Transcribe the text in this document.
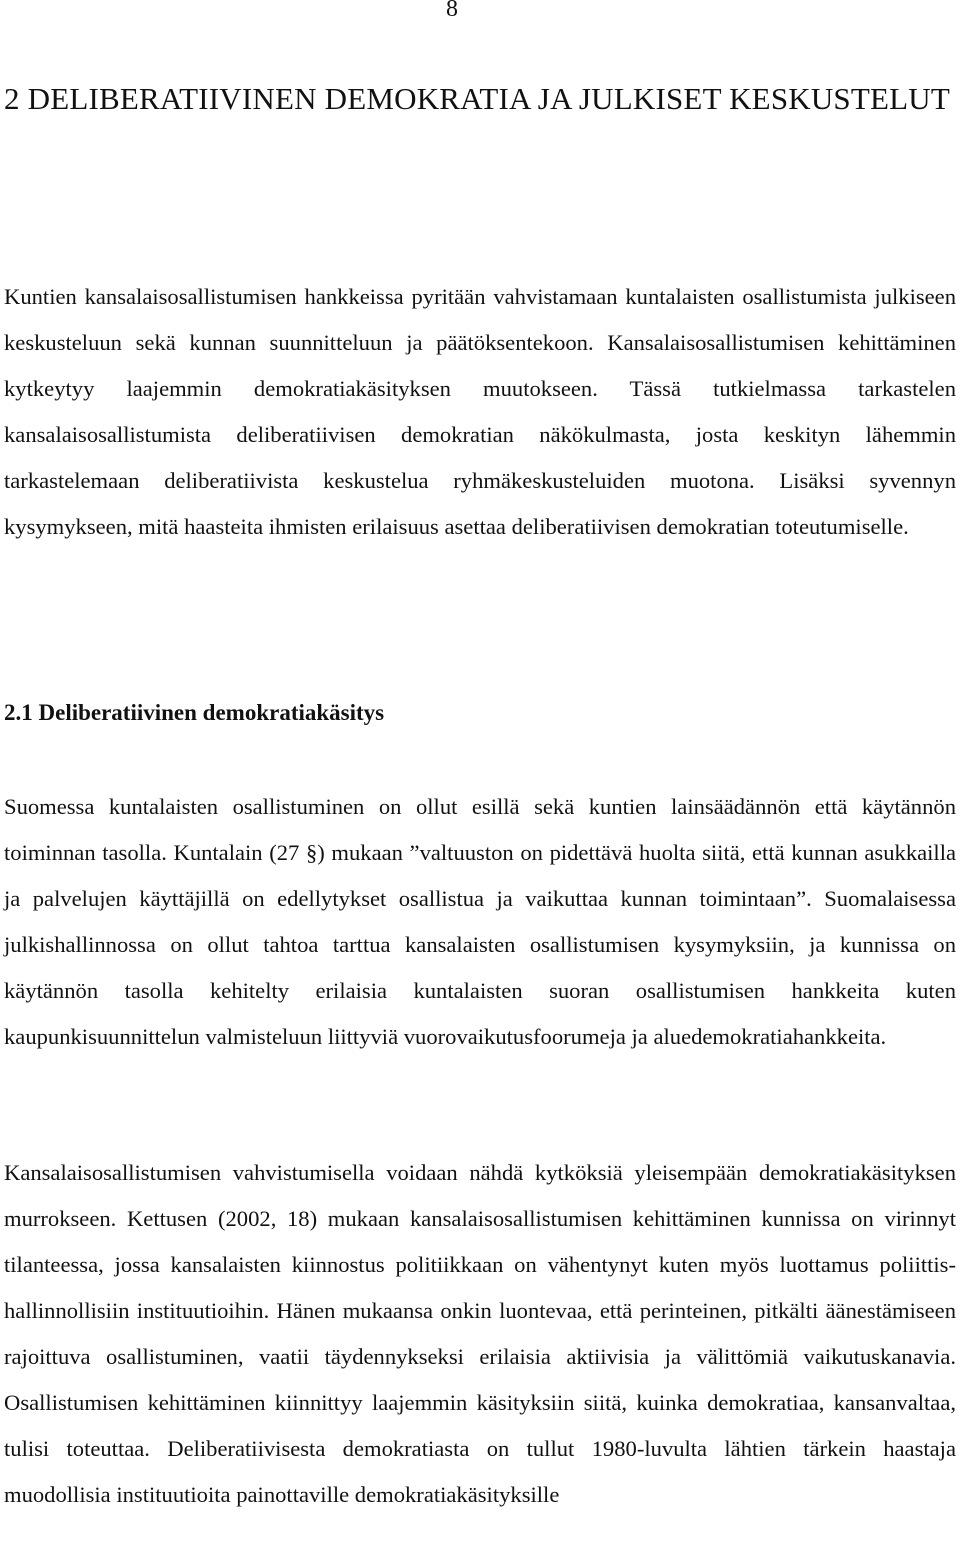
8

2 DELIBERATIIVINEN DEMOKRATIA JA JULKISET KESKUSTELUT

Kuntien kansalaisosallistumisen hankkeissa pyritään vahvistamaan kuntalaisten osallistumista julkiseen keskusteluun sekä kunnan suunnitteluun ja päätöksentekoon. Kansalaisosallistumisen kehittäminen kytkeytyy laajemmin demokratiakäsityksen muutokseen. Tässä tutkielmassa tarkastelen kansalaisosallistumista deliberatiivisen demokratian näkökulmasta, josta keskityn lähemmin tarkastelemaan deliberatiivista keskustelua ryhmäkeskusteluiden muotona. Lisäksi syvennyn kysymykseen, mitä haasteita ihmisten erilaisuus asettaa deliberatiivisen demokratian toteutumiselle.

2.1 Deliberatiivinen demokratiakäsitys

Suomessa kuntalaisten osallistuminen on ollut esillä sekä kuntien lainsäädännön että käytännön toiminnan tasolla. Kuntalain (27 §) mukaan ”valtuuston on pidettävä huolta siitä, että kunnan asukkailla ja palvelujen käyttäjillä on edellytykset osallistua ja vaikuttaa kunnan toimintaan”. Suomalaisessa julkishallinnossa on ollut tahtoa tarttua kansalaisten osallistumisen kysymyksiin, ja kunnissa on käytännön tasolla kehitelty erilaisia kuntalaisten suoran osallistumisen hankkeita kuten kaupunkisuunnittelun valmisteluun liittyviä vuorovaikutusfoorumeja ja aluedemokratiahankkeita.

Kansalaisosallistumisen vahvistumisella voidaan nähdä kytköksiä yleisempään demokratiakäsityksen murrokseen. Kettusen (2002, 18) mukaan kansalaisosallistumisen kehittäminen kunnissa on virinnyt tilanteessa, jossa kansalaisten kiinnostus politiikkaan on vähentynyt kuten myös luottamus poliittis-hallinnollisiin instituutioihin. Hänen mukaansa onkin luontevaa, että perinteinen, pitkälti äänestämiseen rajoittuva osallistuminen, vaatii täydennykseksi erilaisia aktiivisia ja välittömiä vaikutuskanavia. Osallistumisen kehittäminen kiinnittyy laajemmin käsityksiin siitä, kuinka demokratiaa, kansanvaltaa, tulisi toteuttaa. Deliberatiivisesta demokratiasta on tullut 1980-luvulta lähtien tärkein haastaja muodollisia instituutioita painottaville demokratiakäsityksille
